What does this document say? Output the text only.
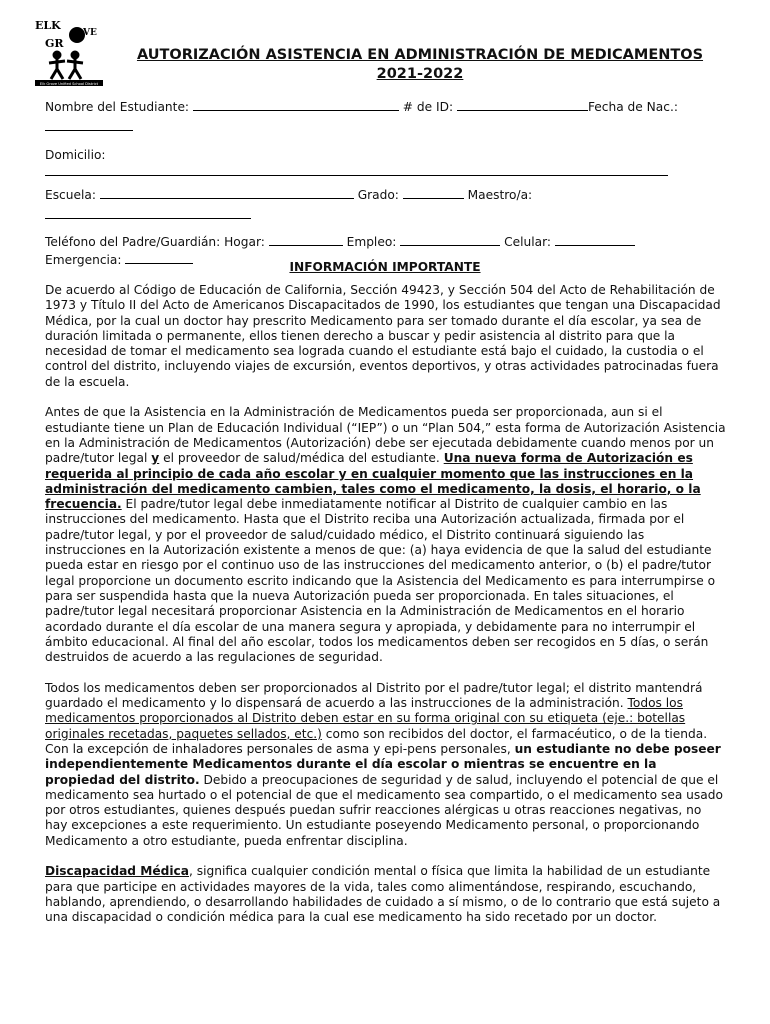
ELK
GR
VE
Elk Grove Unified School District
AUTORIZACIÓN ASISTENCIA EN ADMINISTRACIÓN DE MEDICAMENTOS
2021-2022
Nombre del Estudiante:	# de ID:	Fecha de Nac.:
Domicilio:
Escuela:	Grado:	Maestro/a:
Teléfono del Padre/Guardián: Hogar:	Empleo:	Celular:
Emergencia:
INFORMACIÓN IMPORTANTE

De acuerdo al Código de Educación de California, Sección 49423, y Sección 504 del Acto de Rehabilitación de 1973 y Título II del Acto de Americanos Discapacitados de 1990, los estudiantes que tengan una Discapacidad Médica, por la cual un doctor hay prescrito Medicamento para ser tomado durante el día escolar, ya sea de duración limitada o permanente, ellos tienen derecho a buscar y pedir asistencia al distrito para que la necesidad de tomar el medicamento sea lograda cuando el estudiante está bajo el cuidado, la custodia o el control del distrito, incluyendo viajes de excursión, eventos deportivos, y otras actividades patrocinadas fuera de la escuela.

Antes de que la Asistencia en la Administración de Medicamentos pueda ser proporcionada, aun si el estudiante tiene un Plan de Educación Individual (“IEP”) o un “Plan 504,” esta forma de Autorización Asistencia en la Administración de Medicamentos (Autorización) debe ser ejecutada debidamente cuando menos por un padre/tutor legal y el proveedor de salud/médica del estudiante. Una nueva forma de Autorización es requerida al principio de cada año escolar y en cualquier momento que las instrucciones en la administración del medicamento cambien, tales como el medicamento, la dosis, el horario, o la frecuencia. El padre/tutor legal debe inmediatamente notificar al Distrito de cualquier cambio en las instrucciones del medicamento. Hasta que el Distrito reciba una Autorización actualizada, firmada por el padre/tutor legal, y por el proveedor de salud/cuidado médico, el Distrito continuará siguiendo las instrucciones en la Autorización existente a menos de que: (a) haya evidencia de que la salud del estudiante pueda estar en riesgo por el continuo uso de las instrucciones del medicamento anterior, o (b) el padre/tutor legal proporcione un documento escrito indicando que la Asistencia del Medicamento es para interrumpirse o para ser suspendida hasta que la nueva Autorización pueda ser proporcionada. En tales situaciones, el padre/tutor legal necesitará proporcionar Asistencia en la Administración de Medicamentos en el horario acordado durante el día escolar de una manera segura y apropiada, y debidamente para no interrumpir el ámbito educacional. Al final del año escolar, todos los medicamentos deben ser recogidos en 5 días, o serán destruidos de acuerdo a las regulaciones de seguridad.

Todos los medicamentos deben ser proporcionados al Distrito por el padre/tutor legal; el distrito mantendrá guardado el medicamento y lo dispensará de acuerdo a las instrucciones de la administración. Todos los medicamentos proporcionados al Distrito deben estar en su forma original con su etiqueta (eje.: botellas originales recetadas, paquetes sellados, etc.) como son recibidos del doctor, el farmacéutico, o de la tienda. Con la excepción de inhaladores personales de asma y epi-pens personales, un estudiante no debe poseer independientemente Medicamentos durante el día escolar o mientras se encuentre en la propiedad del distrito. Debido a preocupaciones de seguridad y de salud, incluyendo el potencial de que el medicamento sea hurtado o el potencial de que el medicamento sea compartido, o el medicamento sea usado por otros estudiantes, quienes después puedan sufrir reacciones alérgicas u otras reacciones negativas, no hay excepciones a este requerimiento. Un estudiante poseyendo Medicamento personal, o proporcionando Medicamento a otro estudiante, pueda enfrentar disciplina.

Discapacidad Médica, significa cualquier condición mental o física que limita la habilidad de un estudiante para que participe en actividades mayores de la vida, tales como alimentándose, respirando, escuchando, hablando, aprendiendo, o desarrollando habilidades de cuidado a sí mismo, o de lo contrario que está sujeto a una discapacidad o condición médica para la cual ese medicamento ha sido recetado por un doctor.
